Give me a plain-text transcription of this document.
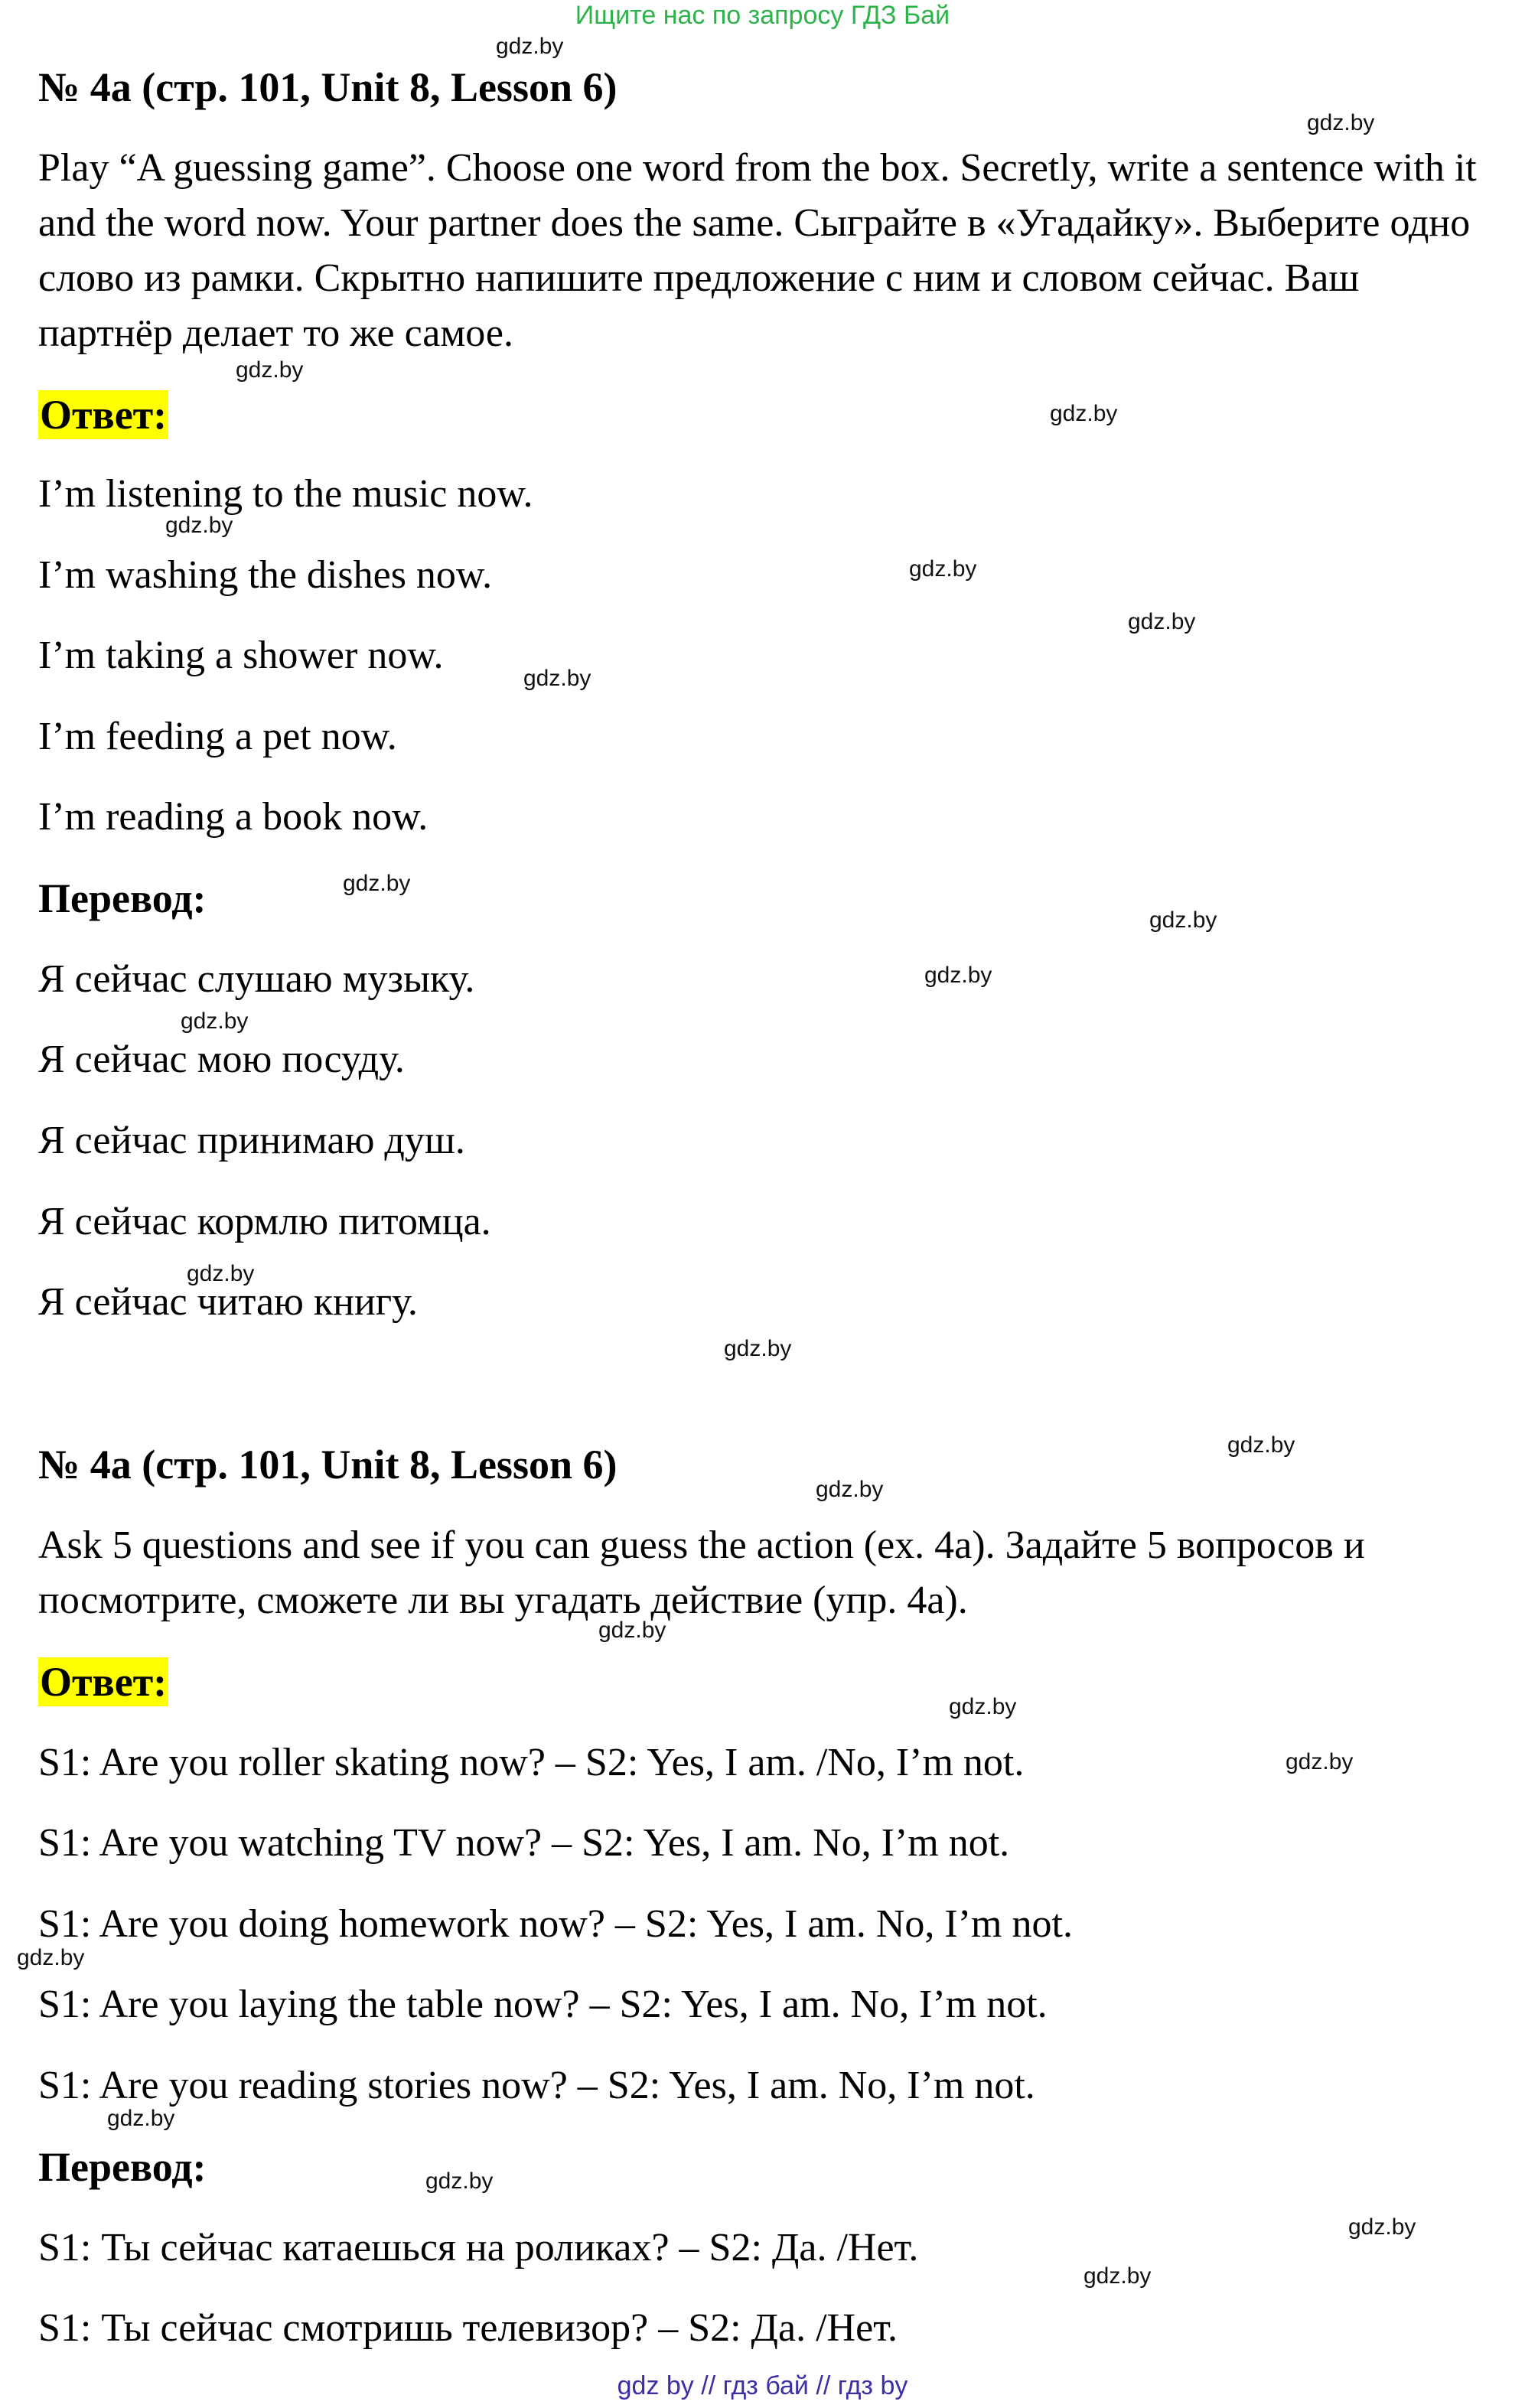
Ищите нас по запросу ГДЗ Бай
№ 4a (стр. 101, Unit 8, Lesson 6)
Play “A guessing game”. Choose one word from the box. Secretly, write a sentence with it and the word now. Your partner does the same. Сыграйте в «Угадайку». Выберите одно слово из рамки. Скрытно напишите предложение с ним и словом сейчас. Ваш партнёр делает то же самое.
Ответ:
I’m listening to the music now.
I’m washing the dishes now.
I’m taking a shower now.
I’m feeding a pet now.
I’m reading a book now.
Перевод:
Я сейчас слушаю музыку.
Я сейчас мою посуду.
Я сейчас принимаю душ.
Я сейчас кормлю питомца.
Я сейчас читаю книгу.
№ 4a (стр. 101, Unit 8, Lesson 6)
Ask 5 questions and see if you can guess the action (ex. 4a). Задайте 5 вопросов и посмотрите, сможете ли вы угадать действие (упр. 4a).
Ответ:
S1: Are you roller skating now? – S2: Yes, I am. /No, I’m not.
S1: Are you watching TV now? – S2: Yes, I am. No, I’m not.
S1: Are you doing homework now? – S2: Yes, I am. No, I’m not.
S1: Are you laying the table now? – S2: Yes, I am. No, I’m not.
S1: Are you reading stories now? – S2: Yes, I am. No, I’m not.
Перевод:
S1: Ты сейчас катаешься на роликах? – S2: Да. /Нет.
S1: Ты сейчас смотришь телевизор? – S2: Да. /Нет.
gdz.by
gdz.by
gdz.by
gdz.by
gdz.by
gdz.by
gdz.by
gdz.by
gdz.by
gdz.by
gdz.by
gdz.by
gdz.by
gdz.by
gdz.by
gdz.by
gdz.by
gdz.by
gdz.by
gdz.by
gdz.by
gdz.by
gdz.by
gdz.by
gdz by // гдз бай // гдз by
